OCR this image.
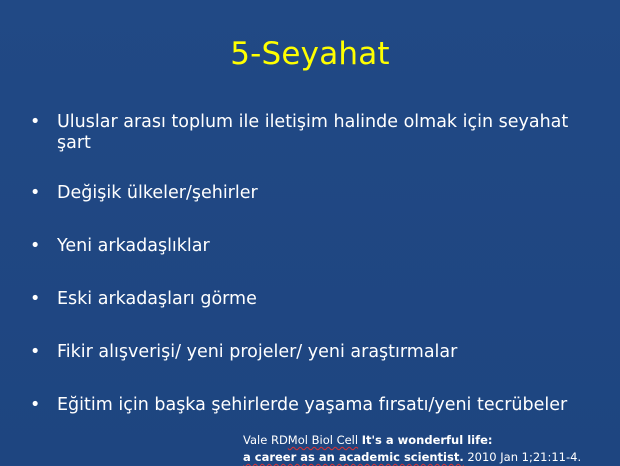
5-Seyahat
• Uluslar arası toplum ile iletişim halinde olmak için seyahat şart
• Değişik ülkeler/şehirler
• Yeni arkadaşlıklar
• Eski arkadaşları görme
• Fikir alışverişi/ yeni projeler/ yeni araştırmalar
• Eğitim için başka şehirlerde yaşama fırsatı/yeni tecrübeler
Vale RDMol Biol Cell It's a wonderful life:
a career as an academic scientist. 2010 Jan 1;21:11-4.
